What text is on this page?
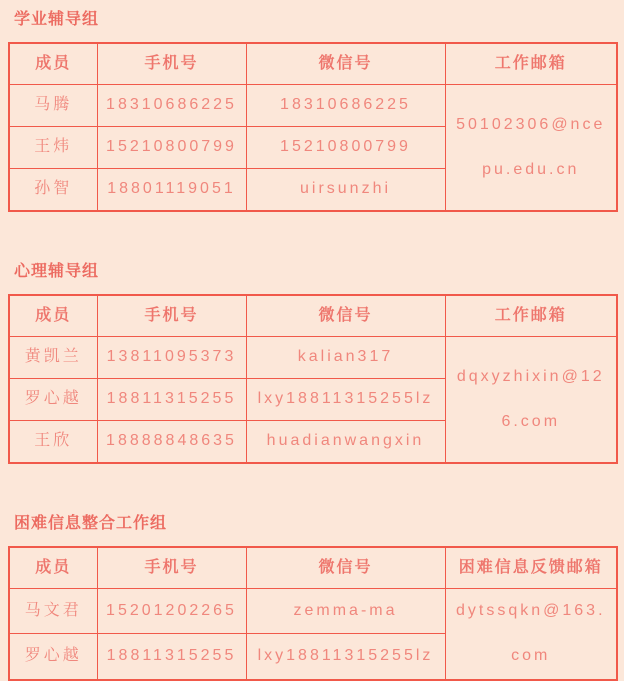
学业辅导组
成员	手机号	微信号	工作邮箱
马腾	18310686225	18310686225	50102306@ncepu.edu.cn
王炜	15210800799	15210800799	
孙智	18801119051	uirsunzhi	
心理辅导组
成员	手机号	微信号	工作邮箱
黄凯兰	13811095373	kalian317	dqxyzhixin@126.com
罗心越	18811315255	lxy18811315255lz	
王欣	18888848635	huadianwangxin	
困难信息整合工作组
成员	手机号	微信号	困难信息反馈邮箱
马文君	15201202265	zemma-ma	dytssqkn@163.com
罗心越	18811315255	lxy18811315255lz	
